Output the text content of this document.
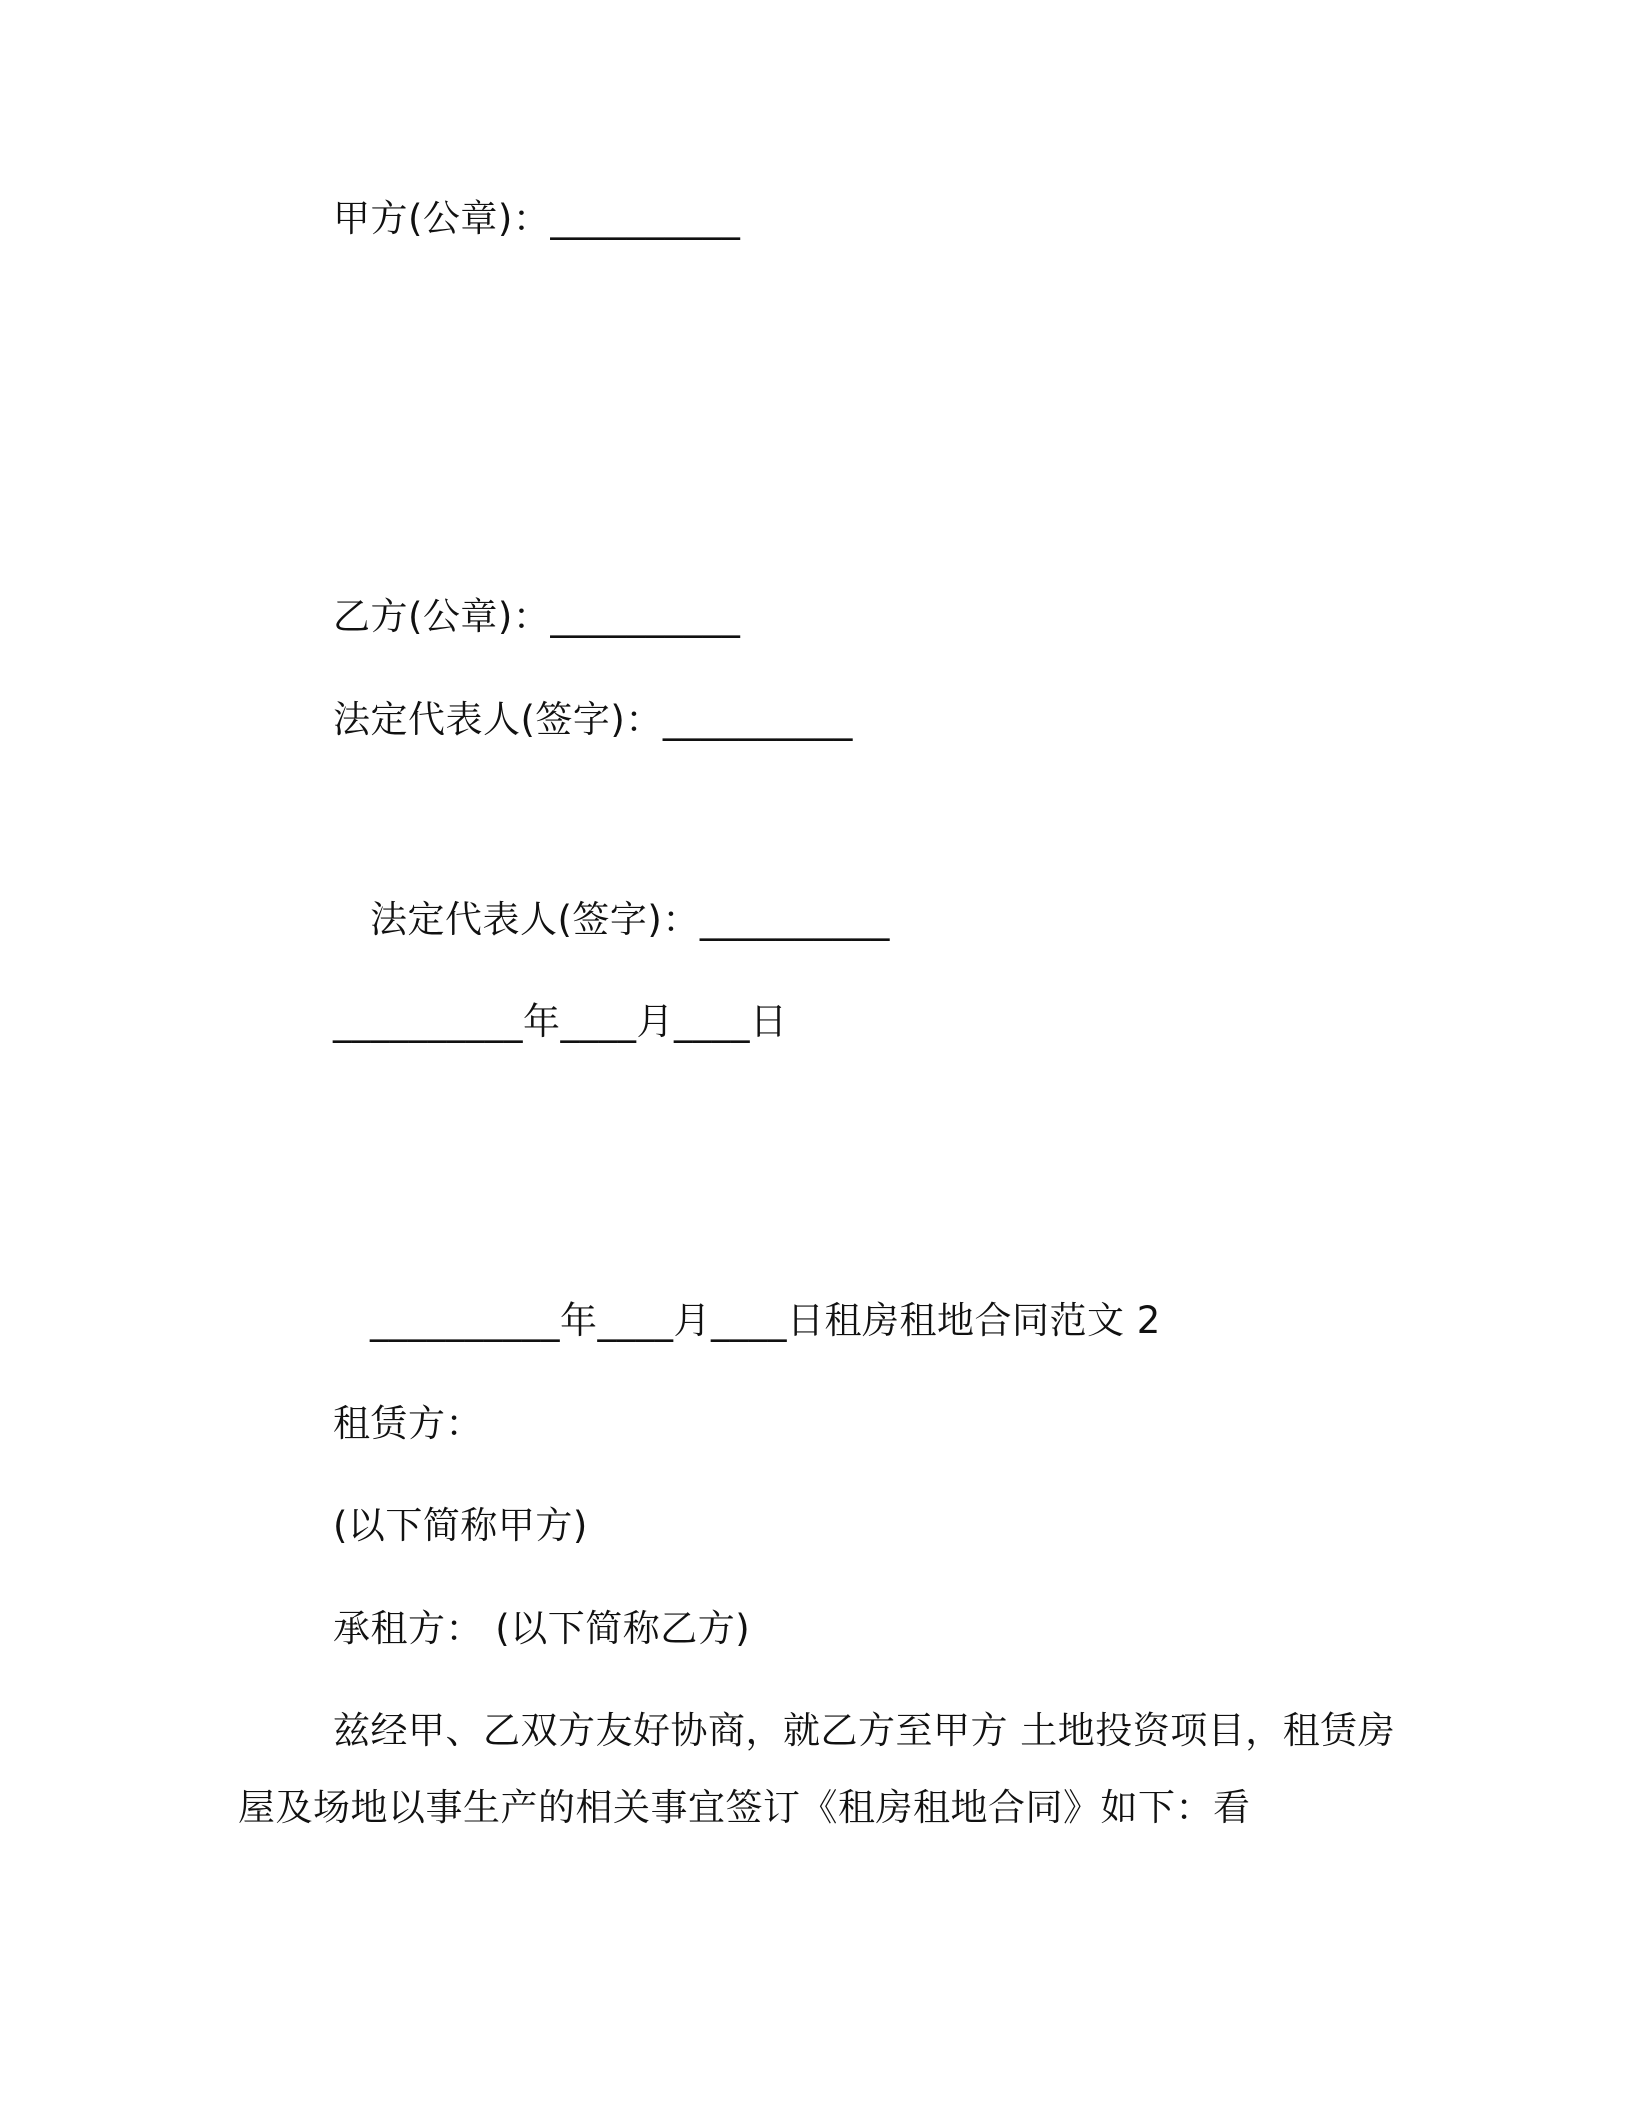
甲方(公章)：__________
乙方(公章)：__________
法定代表人(签字)：__________
法定代表人(签字)：__________
__________年____月____日
__________年____月____日租房租地合同范文 2
租赁方：
(以下简称甲方)
承租方： (以下简称乙方)
兹经甲、乙双方友好协商，就乙方至甲方 土地投资项目，租赁房
屋及场地以事生产的相关事宜签订《租房租地合同》如下：看
